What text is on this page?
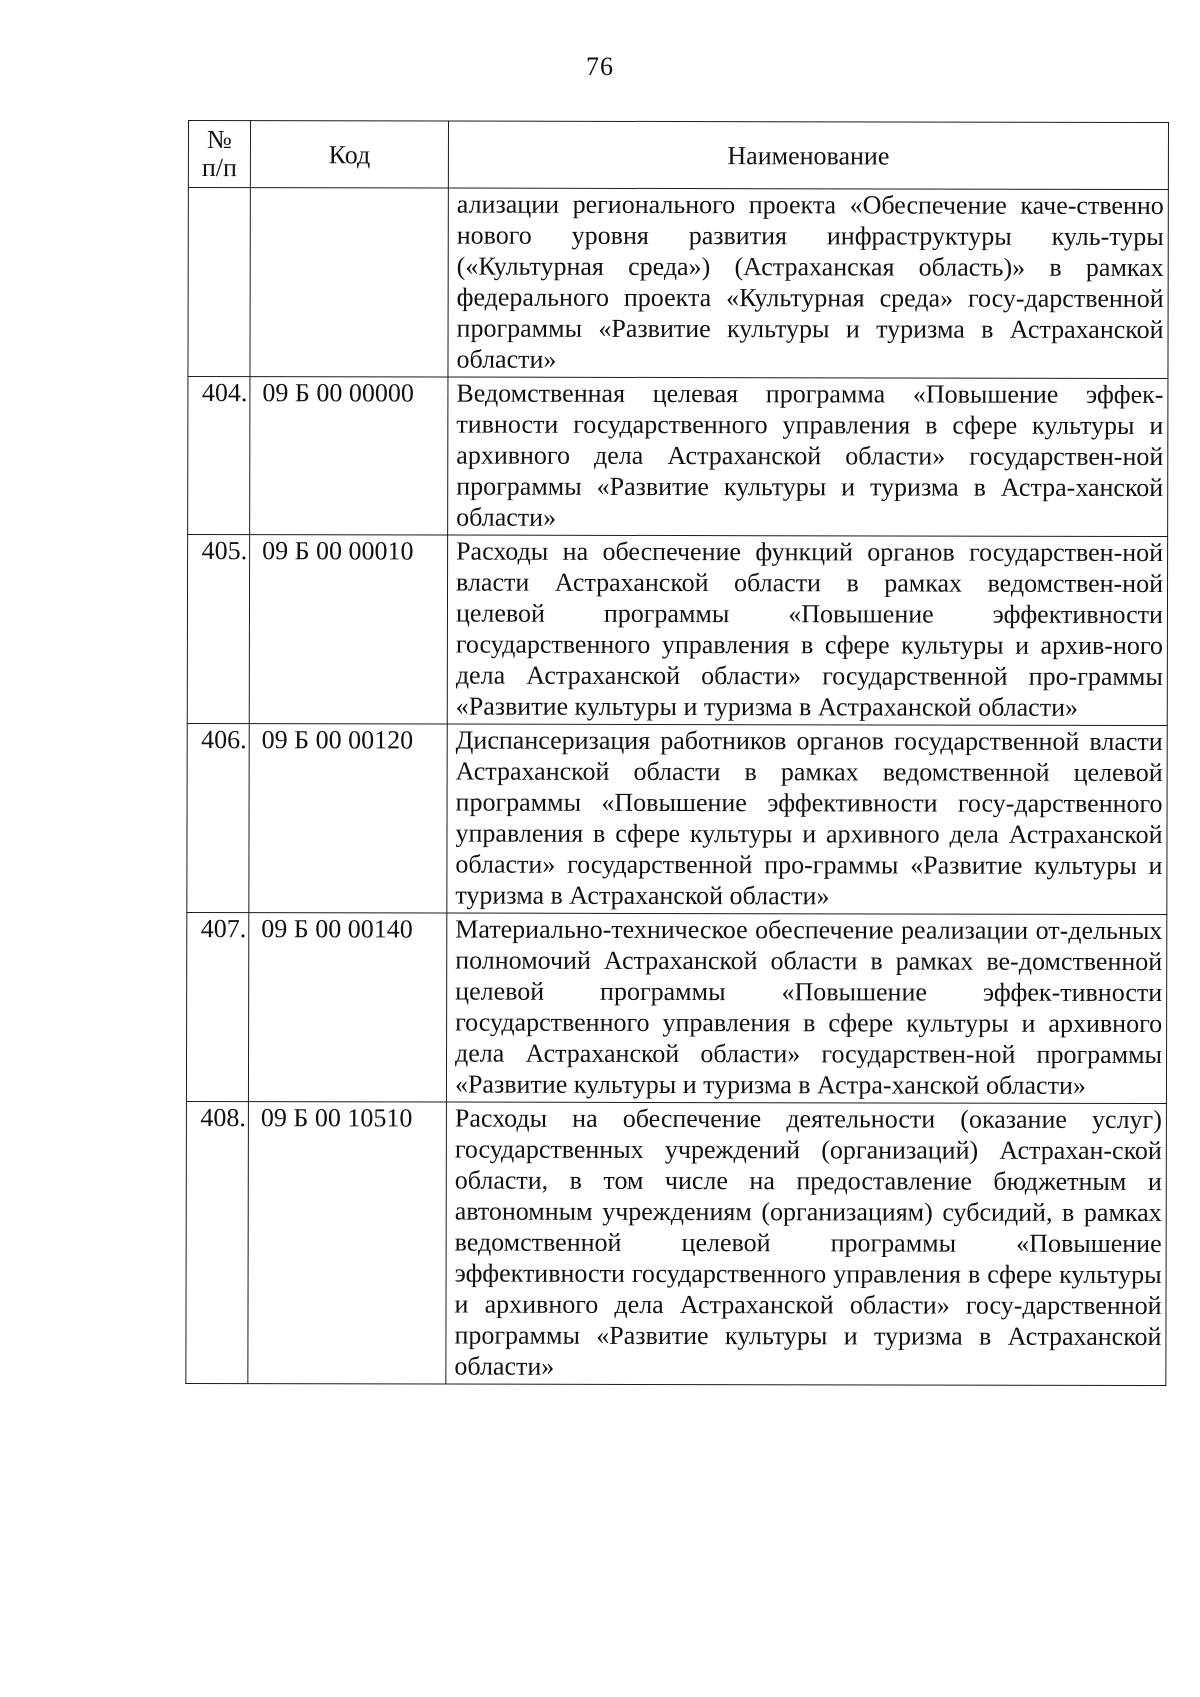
76
№
п/п	Код	Наименование
		ализации регионального проекта «Обеспечение каче-ственно нового уровня развития инфраструктуры куль-туры («Культурная среда») (Астраханская область)» в рамках федерального проекта «Культурная среда» госу-дарственной программы «Развитие культуры и туризма в Астраханской области»
404.	09 Б 00 00000	Ведомственная целевая программа «Повышение эффек-тивности государственного управления в сфере культуры и архивного дела Астраханской области» государствен-ной программы «Развитие культуры и туризма в Астра-ханской области»
405.	09 Б 00 00010	Расходы на обеспечение функций органов государствен-ной власти Астраханской области в рамках ведомствен-ной целевой программы «Повышение эффективности государственного управления в сфере культуры и архив-ного дела Астраханской области» государственной про-граммы «Развитие культуры и туризма в Астраханской области»
406.	09 Б 00 00120	Диспансеризация работников органов государственной власти Астраханской области в рамках ведомственной целевой программы «Повышение эффективности госу-дарственного управления в сфере культуры и архивного дела Астраханской области» государственной про-граммы «Развитие культуры и туризма в Астраханской области»
407.	09 Б 00 00140	Материально-техническое обеспечение реализации от-дельных полномочий Астраханской области в рамках ве-домственной целевой программы «Повышение эффек-тивности государственного управления в сфере культуры и архивного дела Астраханской области» государствен-ной программы «Развитие культуры и туризма в Астра-ханской области»
408.	09 Б 00 10510	Расходы на обеспечение деятельности (оказание услуг) государственных учреждений (организаций) Астрахан-ской области, в том числе на предоставление бюджетным и автономным учреждениям (организациям) субсидий, в рамках ведомственной целевой программы «Повышение эффективности государственного управления в сфере культуры и архивного дела Астраханской области» госу-дарственной программы «Развитие культуры и туризма в Астраханской области»
